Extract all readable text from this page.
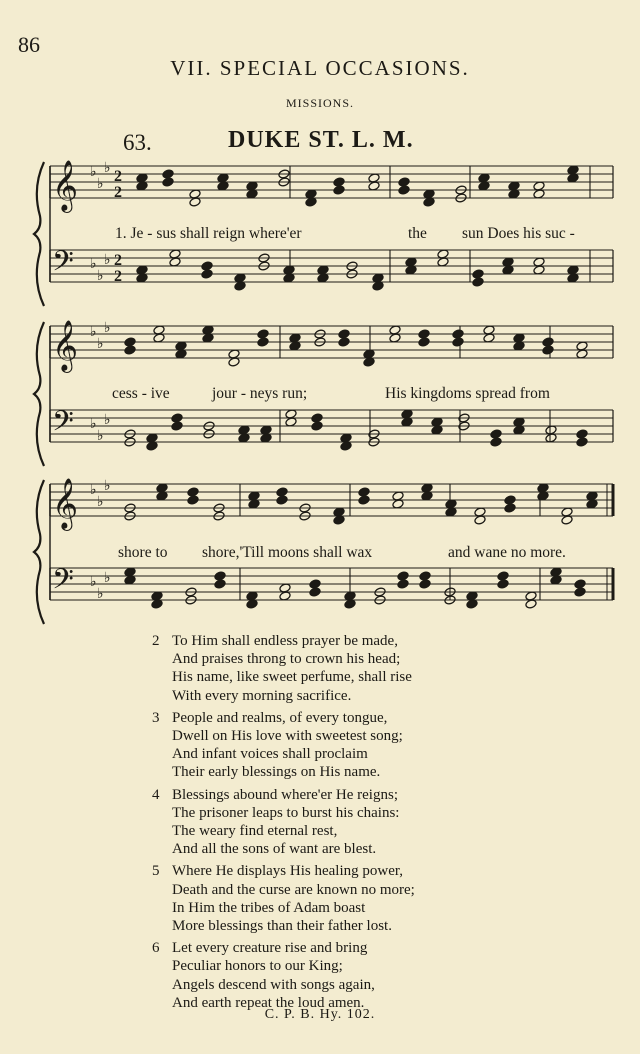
86
VII. SPECIAL OCCASIONS.
MISSIONS.
63.	DUKE ST. L. M.
𝄞 ♭
♭
♭ 2
2
𝄢 ♭
♭
♭ 2
2
1. Je - sus shall reign where'er	the sun Does his suc -
𝄞 ♭
♭
♭
𝄢 ♭
♭
♭
cess - ive	jour - neys run;	His kingdoms spread from
𝄞 ♭
♭
♭
𝄢 ♭
♭
♭
shore to shore,'Till moons shall wax	and wane no more.
2 To Him shall endless prayer be made,
And praises throng to crown his head;
His name, like sweet perfume, shall rise
With every morning sacrifice.
3 People and realms, of every tongue,
Dwell on His love with sweetest song;
And infant voices shall proclaim
Their early blessings on His name.
4 Blessings abound where'er He reigns;
The prisoner leaps to burst his chains:
The weary find eternal rest,
And all the sons of want are blest.
5 Where He displays His healing power,
Death and the curse are known no more;
In Him the tribes of Adam boast
More blessings than their father lost.
6 Let every creature rise and bring
Peculiar honors to our King;
Angels descend with songs again,
And earth repeat the loud amen.
C. P. B. Hy. 102.
